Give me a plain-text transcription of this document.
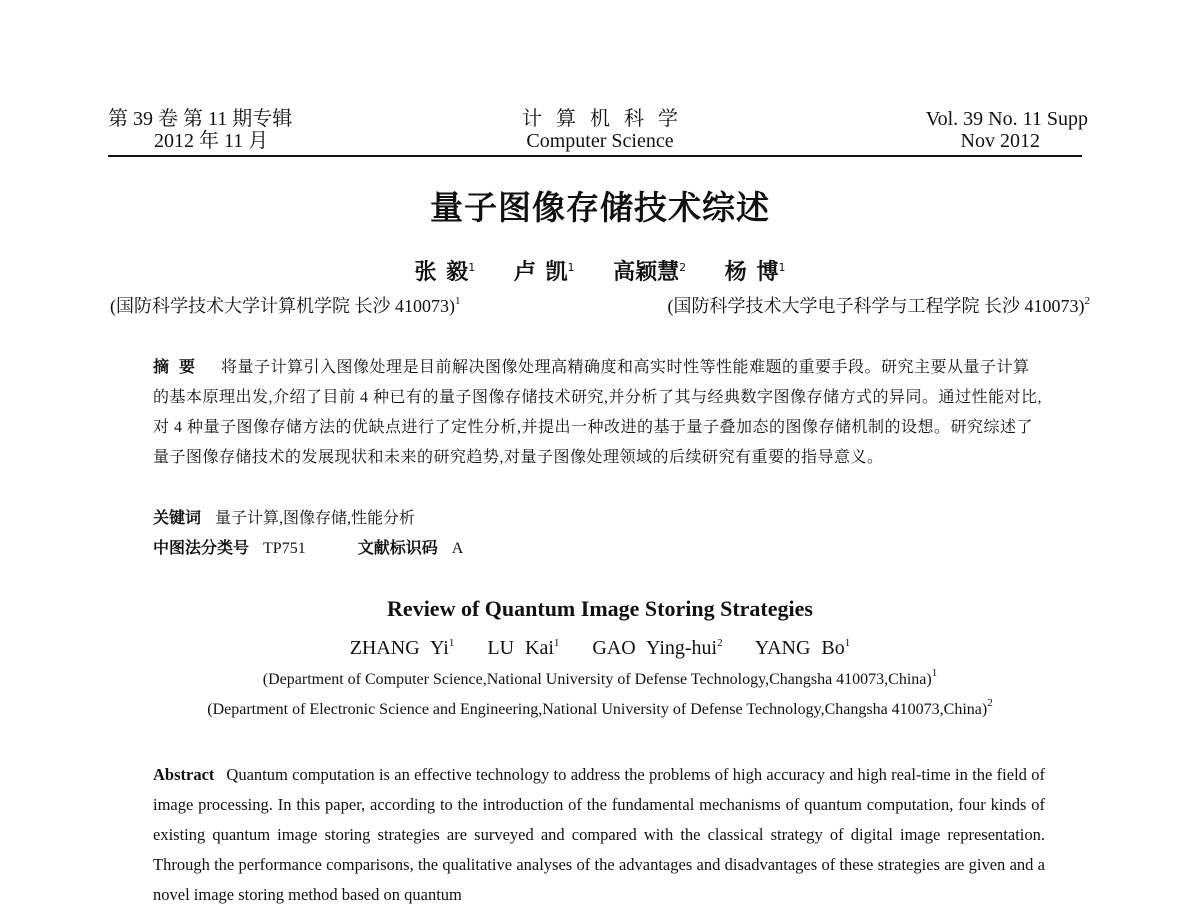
第 39 卷 第 11 期专辑
2012 年 11 月
计算机科学
Computer Science
Vol. 39 No. 11 Supp
Nov 2012
量子图像存储技术综述
张 毅$^1$ 卢 凯$^1$ 高颖慧$^2$ 杨 博$^1$
(国防科学技术大学计算机学院 长沙 410073)$^1$	(国防科学技术大学电子科学与工程学院 长沙 410073)$^2$
摘要 将量子计算引入图像处理是目前解决图像处理高精确度和高实时性等性能难题的重要手段。研究主要从量子计算的基本原理出发,介绍了目前 4 种已有的量子图像存储技术研究,并分析了其与经典数字图像存储方式的异同。通过性能对比,对 4 种量子图像存储方法的优缺点进行了定性分析,并提出一种改进的基于量子叠加态的图像存储机制的设想。研究综述了量子图像存储技术的发展现状和未来的研究趋势,对量子图像处理领域的后续研究有重要的指导意义。
关键词 量子计算,图像存储,性能分析
中图法分类号 TP751	文献标识码 A
Review of Quantum Image Storing Strategies
ZHANG Yi$^1$ LU Kai$^1$ GAO Ying-hui$^2$ YANG Bo$^1$
(Department of Computer Science,National University of Defense Technology,Changsha 410073,China)$^1$
(Department of Electronic Science and Engineering,National University of Defense Technology,Changsha 410073,China)$^2$
Abstract Quantum computation is an effective technology to address the problems of high accuracy and high real-time in the field of image processing. In this paper, according to the introduction of the fundamental mechanisms of quantum computation, four kinds of existing quantum image storing strategies are surveyed and compared with the classical strategy of digital image representation. Through the performance comparisons, the qualitative analyses of the advantages and disadvantages of these strategies are given and a novel image storing method based on quantum
